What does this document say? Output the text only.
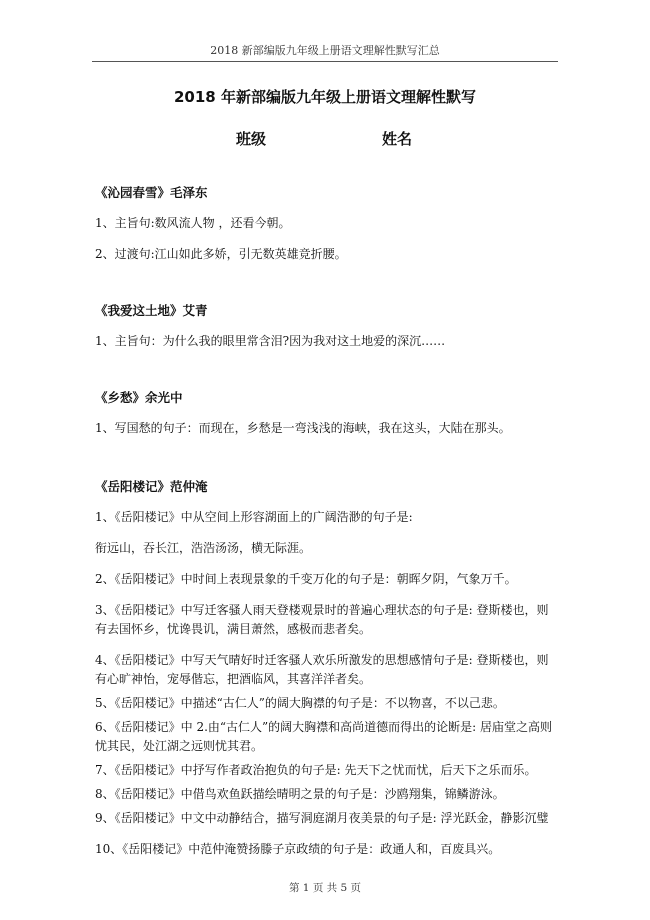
2018 新部编版九年级上册语文理解性默写汇总
2018 年新部编版九年级上册语文理解性默写
班级	姓名

《沁园春雪》毛泽东

1、主旨句:数风流人物 ，还看今朝。

2、过渡句:江山如此多娇，引无数英雄竞折腰。

《我爱这土地》艾青

1、主旨句：为什么我的眼里常含泪?因为我对这土地爱的深沉……

《乡愁》余光中

1、写国愁的句子：而现在，乡愁是一弯浅浅的海峡，我在这头，大陆在那头。

《岳阳楼记》范仲淹

1、《岳阳楼记》中从空间上形容湖面上的广阔浩渺的句子是:

衔远山，吞长江，浩浩汤汤，横无际涯。

2、《岳阳楼记》中时间上表现景象的千变万化的句子是：朝晖夕阴，气象万千。

3、《岳阳楼记》中写迁客骚人雨天登楼观景时的普遍心理状态的句子是: 登斯楼也，则有去国怀乡，忧谗畏讥，满目萧然，感极而悲者矣。

4、《岳阳楼记》中写天气晴好时迁客骚人欢乐所激发的思想感情句子是: 登斯楼也，则有心旷神怡，宠辱偕忘，把酒临风，其喜洋洋者矣。

5、《岳阳楼记》中描述“古仁人”的阔大胸襟的句子是：不以物喜，不以己悲。

6、《岳阳楼记》中 2.由“古仁人”的阔大胸襟和高尚道德而得出的论断是: 居庙堂之高则忧其民，处江湖之远则忧其君。

7、《岳阳楼记》中抒写作者政治抱负的句子是: 先天下之忧而忧，后天下之乐而乐。

8、《岳阳楼记》中借鸟欢鱼跃描绘晴明之景的句子是：沙鸥翔集，锦鳞游泳。

9、《岳阳楼记》中文中动静结合，描写洞庭湖月夜美景的句子是: 浮光跃金，静影沉璧

10、《岳阳楼记》中范仲淹赞扬滕子京政绩的句子是：政通人和，百废具兴。

第 1 页 共 5 页
